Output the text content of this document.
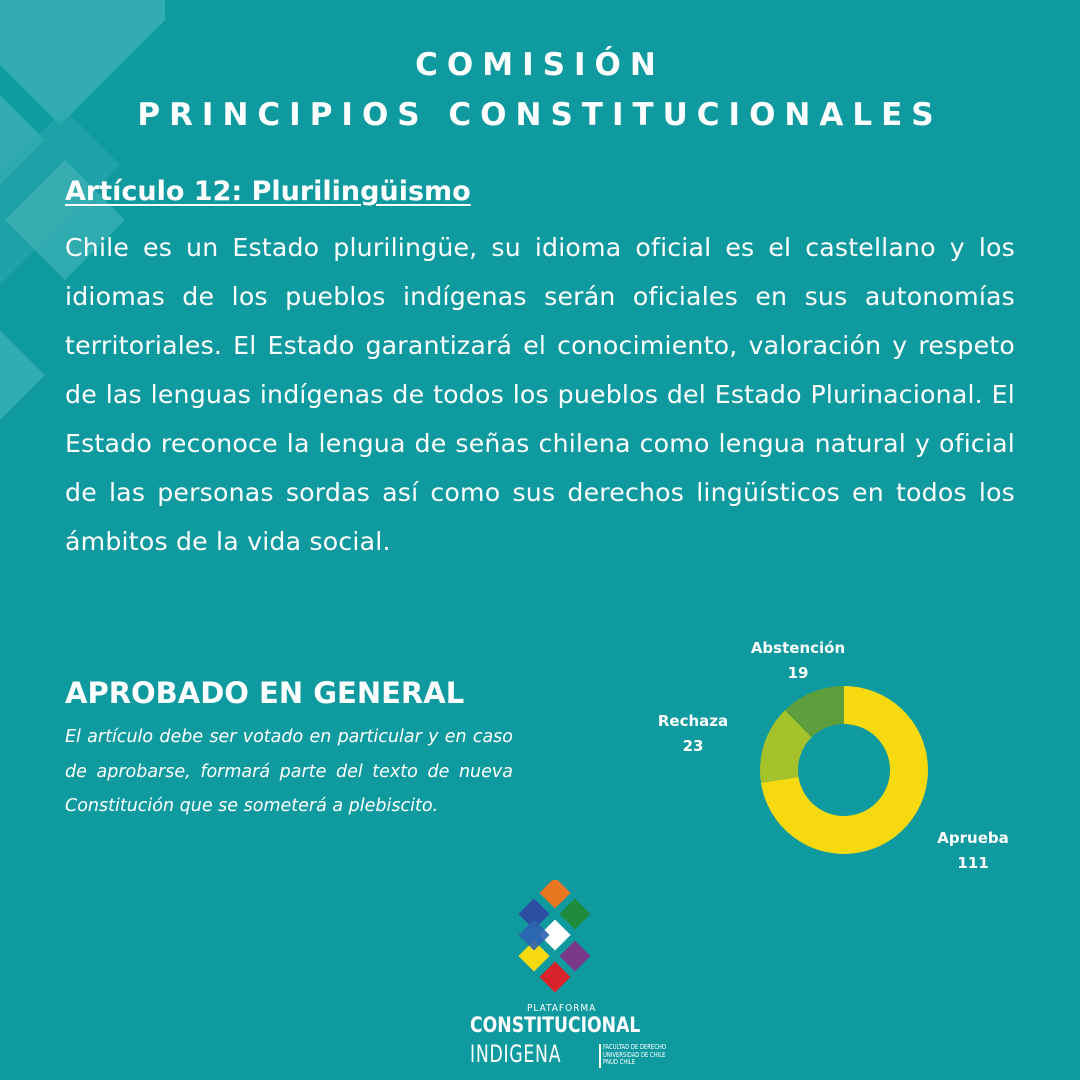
COMISIÓN
PRINCIPIOS CONSTITUCIONALES
Artículo 12: Plurilingüismo
Chile es un Estado plurilingüe, su idioma oficial es el castellano y los idiomas de los pueblos indígenas serán oficiales en sus autonomías territoriales. El Estado garantizará el conocimiento, valoración y respeto de las lenguas indígenas de todos los pueblos del Estado Plurinacional. El Estado reconoce la lengua de señas chilena como lengua natural y oficial de las personas sordas así como sus derechos lingüísticos en todos los ámbitos de la vida social.
APROBADO EN GENERAL
El artículo debe ser votado en particular y en caso de aprobarse, formará parte del texto de nueva Constitución que se someterá a plebiscito.
Aprueba
111
Rechaza
23
Abstención
19
PLATAFORMA
CONSTITUCIONAL
INDIGENA	FACULTAD DE DERECHO
UNIVERSIDAD DE CHILE
PNUD CHILE
